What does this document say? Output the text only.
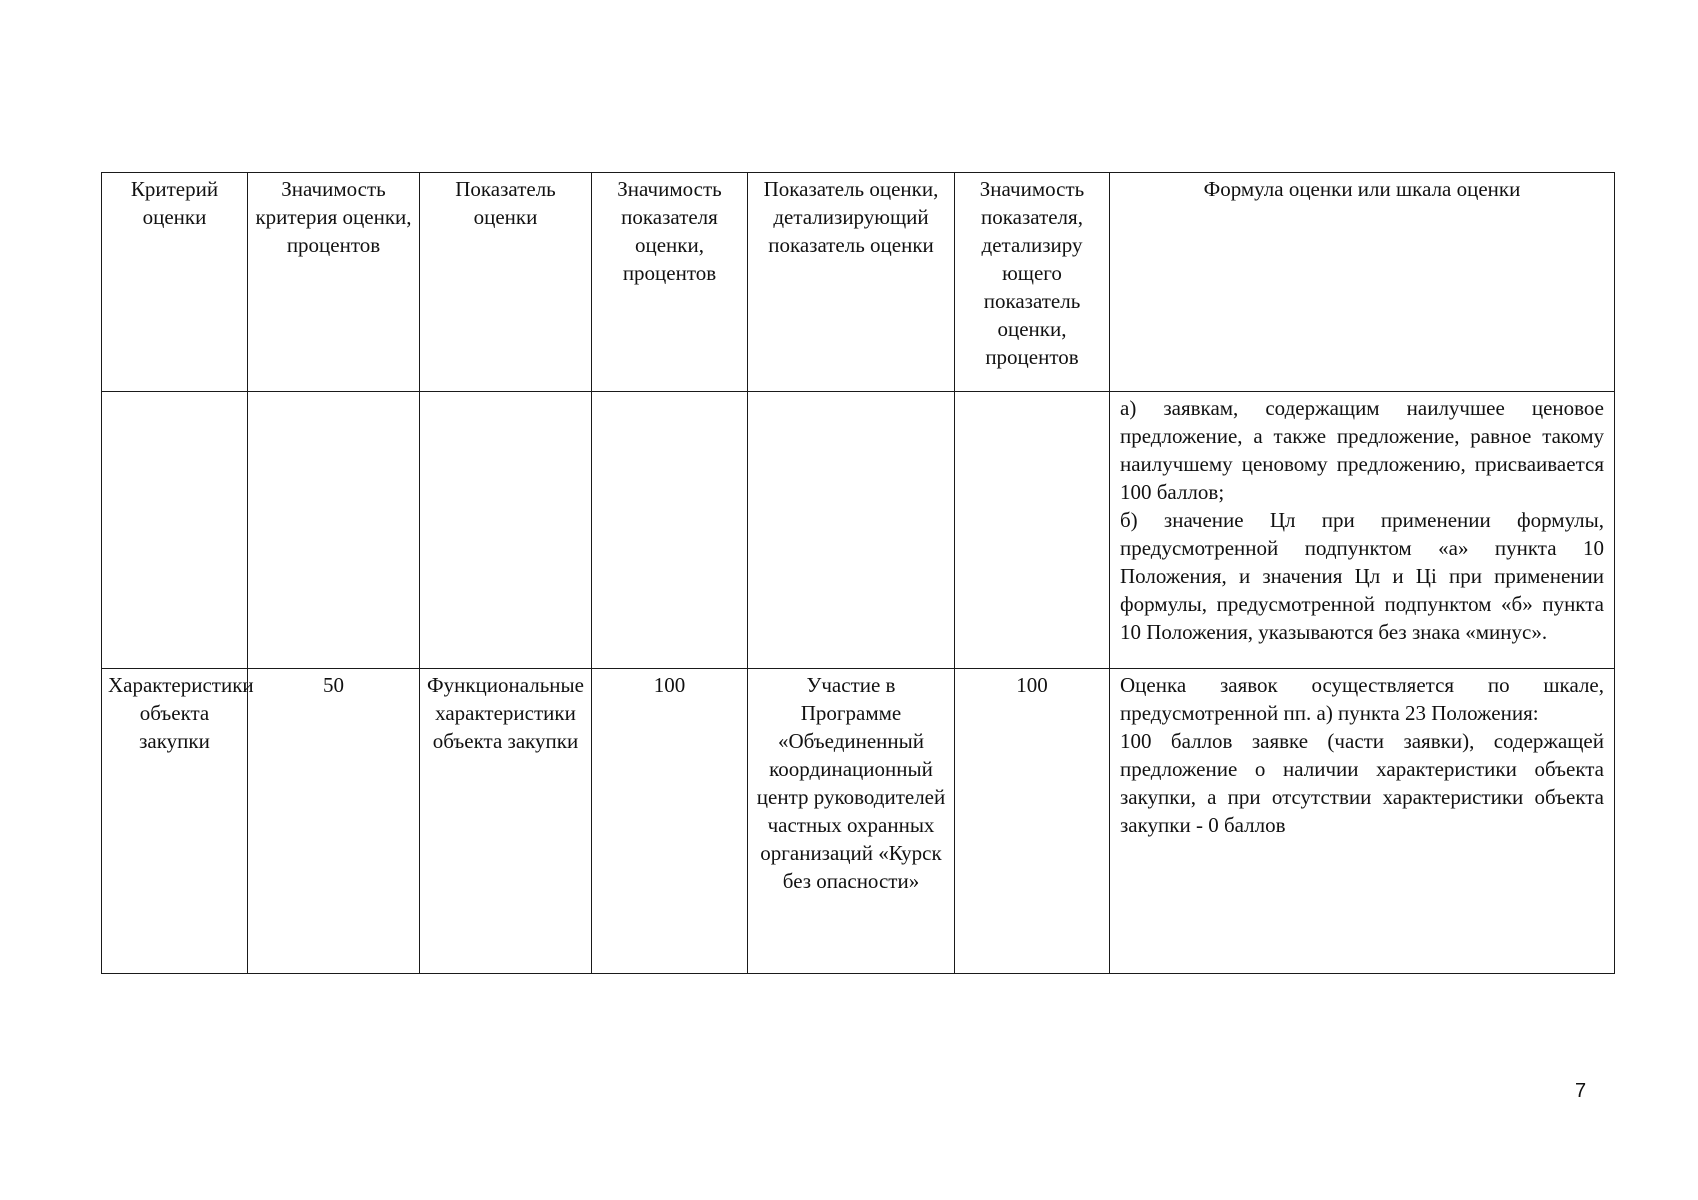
Критерий оценки	Значимость критерия оценки, процентов	Показатель оценки	Значимость показателя оценки, процентов	Показатель оценки, детализирующий показатель оценки	Значимость показателя, детализиру ющего показатель оценки, процентов	Формула оценки или шкала оценки
						а) заявкам, содержащим наилучшее ценовое предложение, а также предложение, равное такому наилучшему ценовому предложению, присваивается 100 баллов;
б) значение Цл при применении формулы, предусмотренной подпунктом «а» пункта 10 Положения, и значения Цл и Цi при применении формулы, предусмотренной подпунктом «б» пункта 10 Положения, указываются без знака «минус».
Характеристики объекта закупки	50	Функциональные характеристики объекта закупки	100	Участие в Программе «Объединенный координационный центр руководителей частных охранных организаций «Курск без опасности»	100	Оценка заявок осуществляется по шкале, предусмотренной пп. а) пункта 23 Положения:
100 баллов заявке (части заявки), содержащей предложение о наличии характеристики объекта закупки, а при отсутствии характеристики объекта закупки - 0 баллов
7
